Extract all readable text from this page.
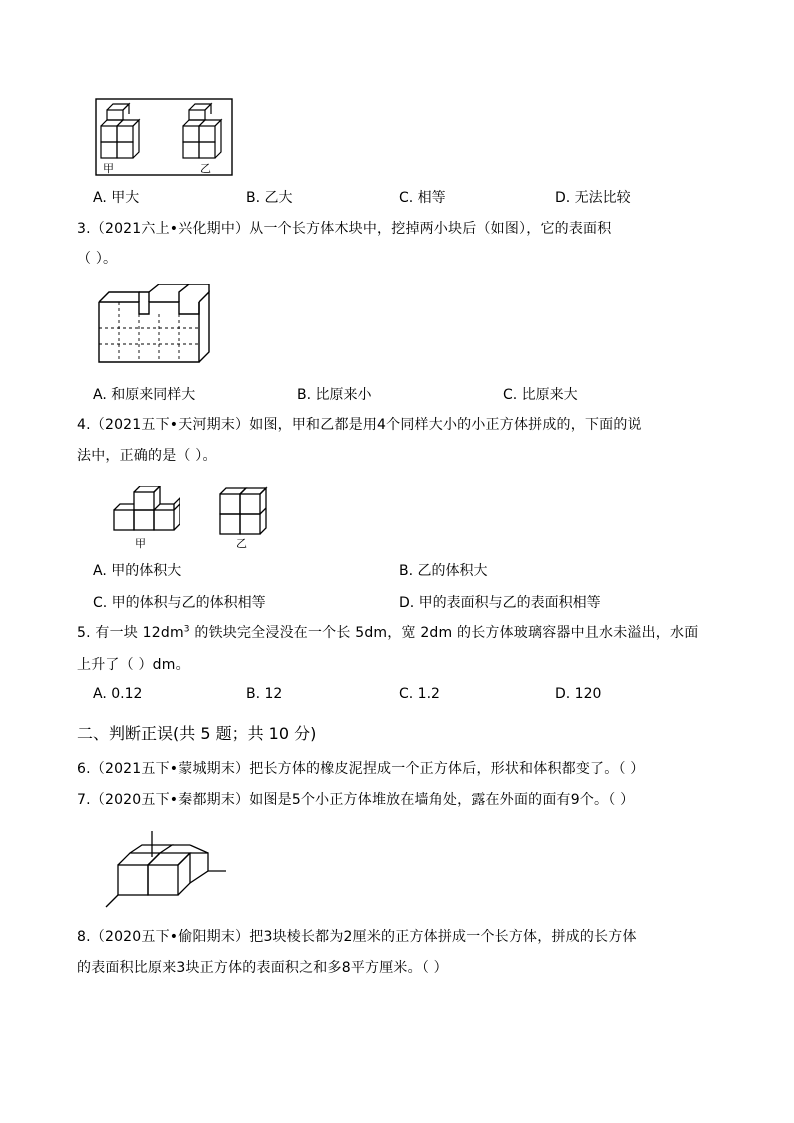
甲	乙
A. 甲大	B. 乙大	C. 相等	D. 无法比较
3.（2021六上•兴化期中）从一个长方体木块中，挖掉两小块后（如图），它的表面积
（ ）。
A. 和原来同样大	B. 比原来小	C. 比原来大
4.（2021五下•天河期末）如图，甲和乙都是用4个同样大小的小正方体拼成的，下面的说
法中，正确的是（ ）。
甲	乙
A. 甲的体积大	B. 乙的体积大
C. 甲的体积与乙的体积相等	D. 甲的表面积与乙的表面积相等
5. 有一块 $12dm^3$ 的铁块完全浸没在一个长 5dm，宽 2dm 的长方体玻璃容器中且水未溢出，水面
上升了（ ）dm。
A. 0.12	B. 12	C. 1.2	D. 120
二、判断正误(共 5 题；共 10 分)
6.（2021五下•蒙城期末）把长方体的橡皮泥捏成一个正方体后，形状和体积都变了。（ ）
7.（2020五下•秦都期末）如图是5个小正方体堆放在墙角处，露在外面的面有9个。（ ）
8.（2020五下•偷阳期末）把3块棱长都为2厘米的正方体拼成一个长方体，拼成的长方体
的表面积比原来3块正方体的表面积之和多8平方厘米。（ ）
